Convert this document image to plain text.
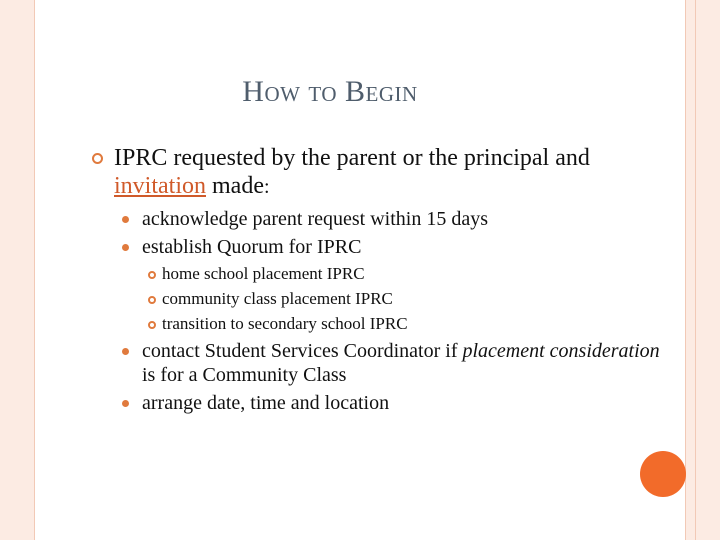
How to Begin
IPRC requested by the parent or the principal and invitation made:
acknowledge parent request within 15 days
establish Quorum for IPRC
home school placement IPRC
community class placement IPRC
transition to secondary school IPRC
contact Student Services Coordinator if placement consideration  is for a Community Class
arrange date, time and location
